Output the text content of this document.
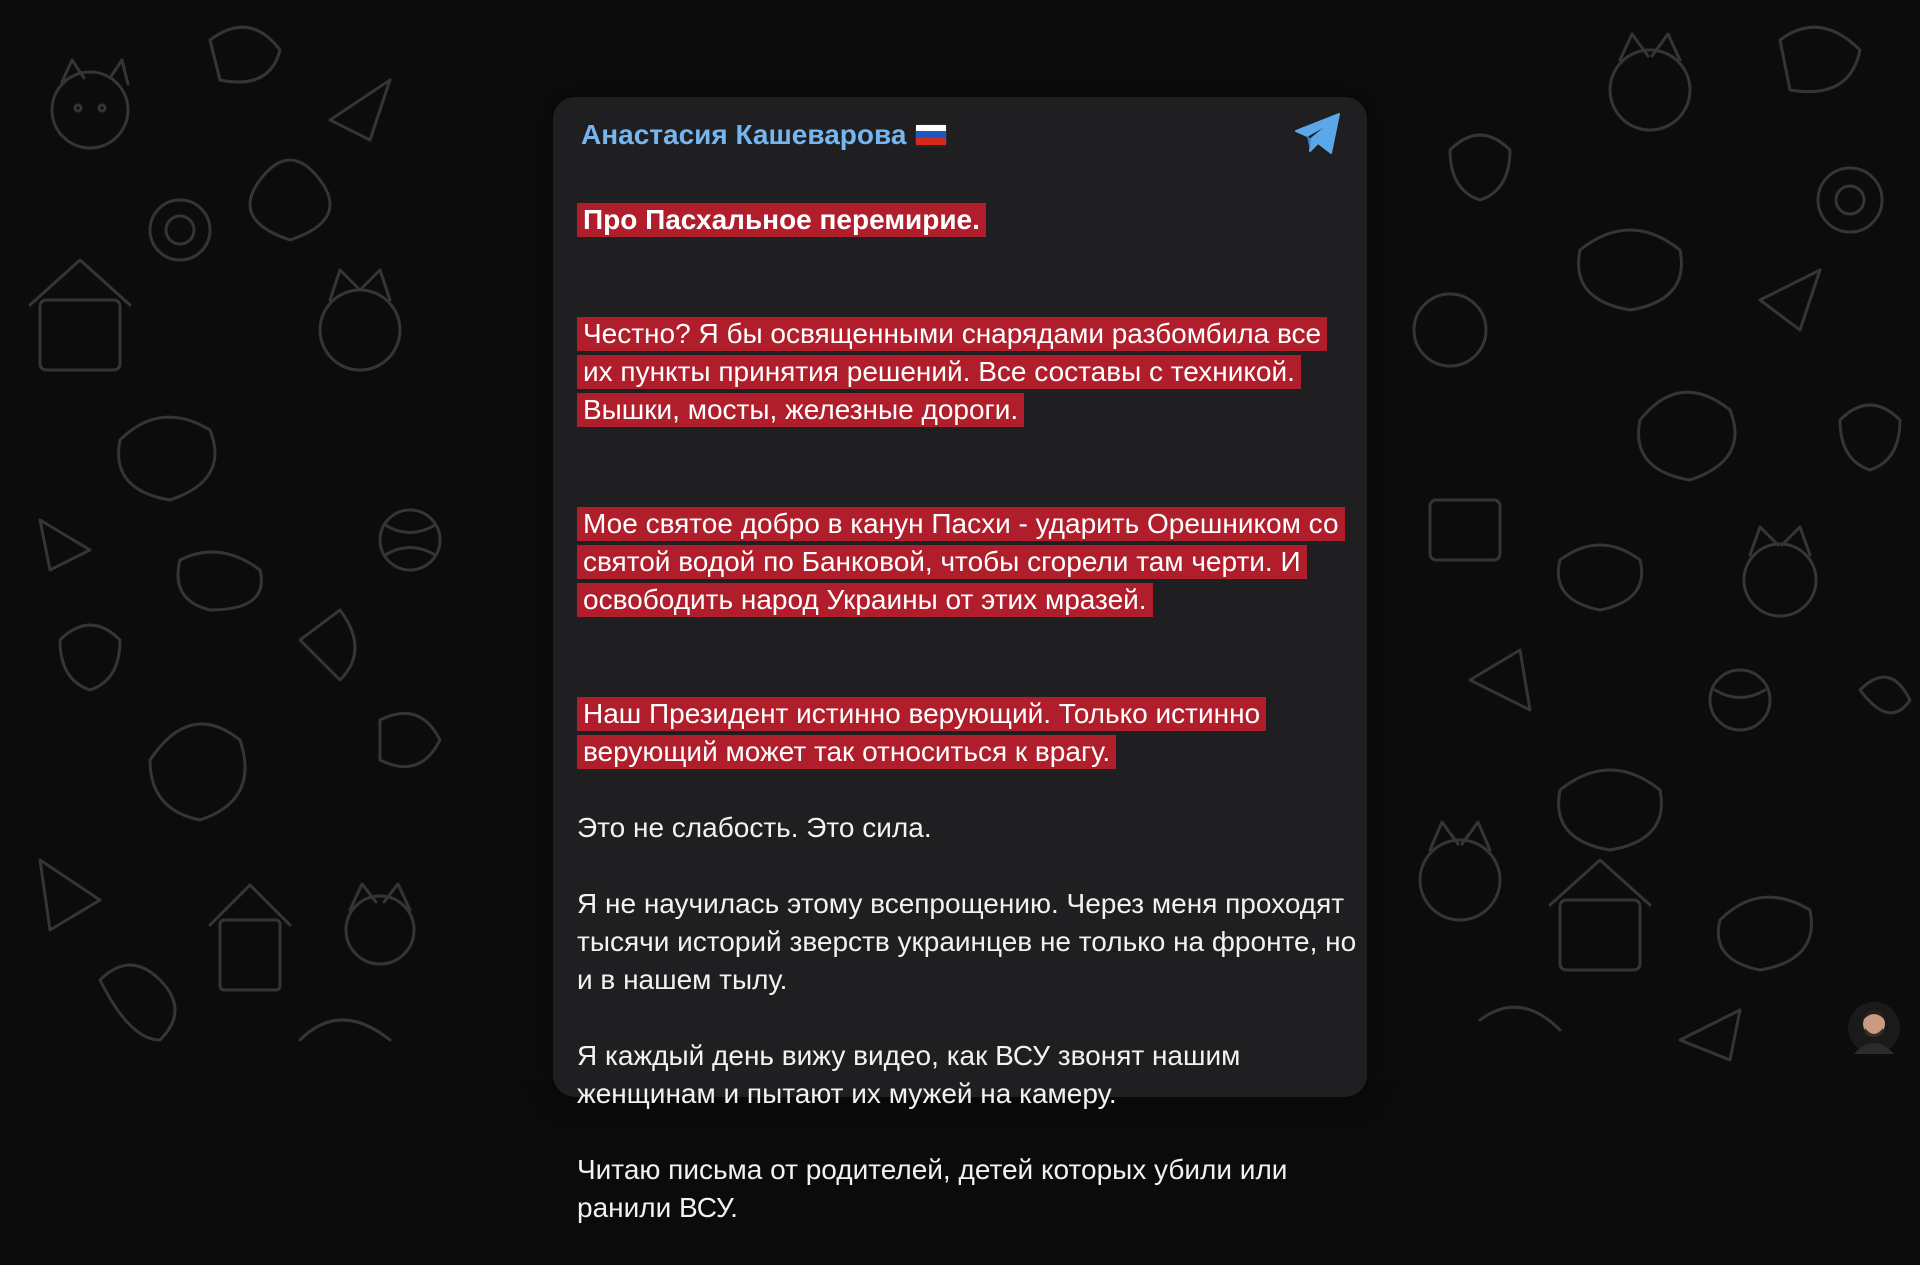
Анастасия Кашеварова

Про Пасхальное перемирие.

Честно? Я бы освященными снарядами разбомбила все их пункты принятия решений. Все составы с техникой. Вышки, мосты, железные дороги.

Мое святое добро в канун Пасхи - ударить Орешником со святой водой по Банковой, чтобы сгорели там черти. И освободить народ Украины от этих мразей.

Наш Президент истинно верующий. Только истинно верующий может так относиться к врагу.

Это не слабость. Это сила.

Я не научилась этому всепрощению. Через меня проходят тысячи историй зверств украинцев не только на фронте, но и в нашем тылу.

Я каждый день вижу видео, как ВСУ звонят нашим женщинам и пытают их мужей на камеру.

Читаю письма от родителей, детей которых убили или ранили ВСУ.
